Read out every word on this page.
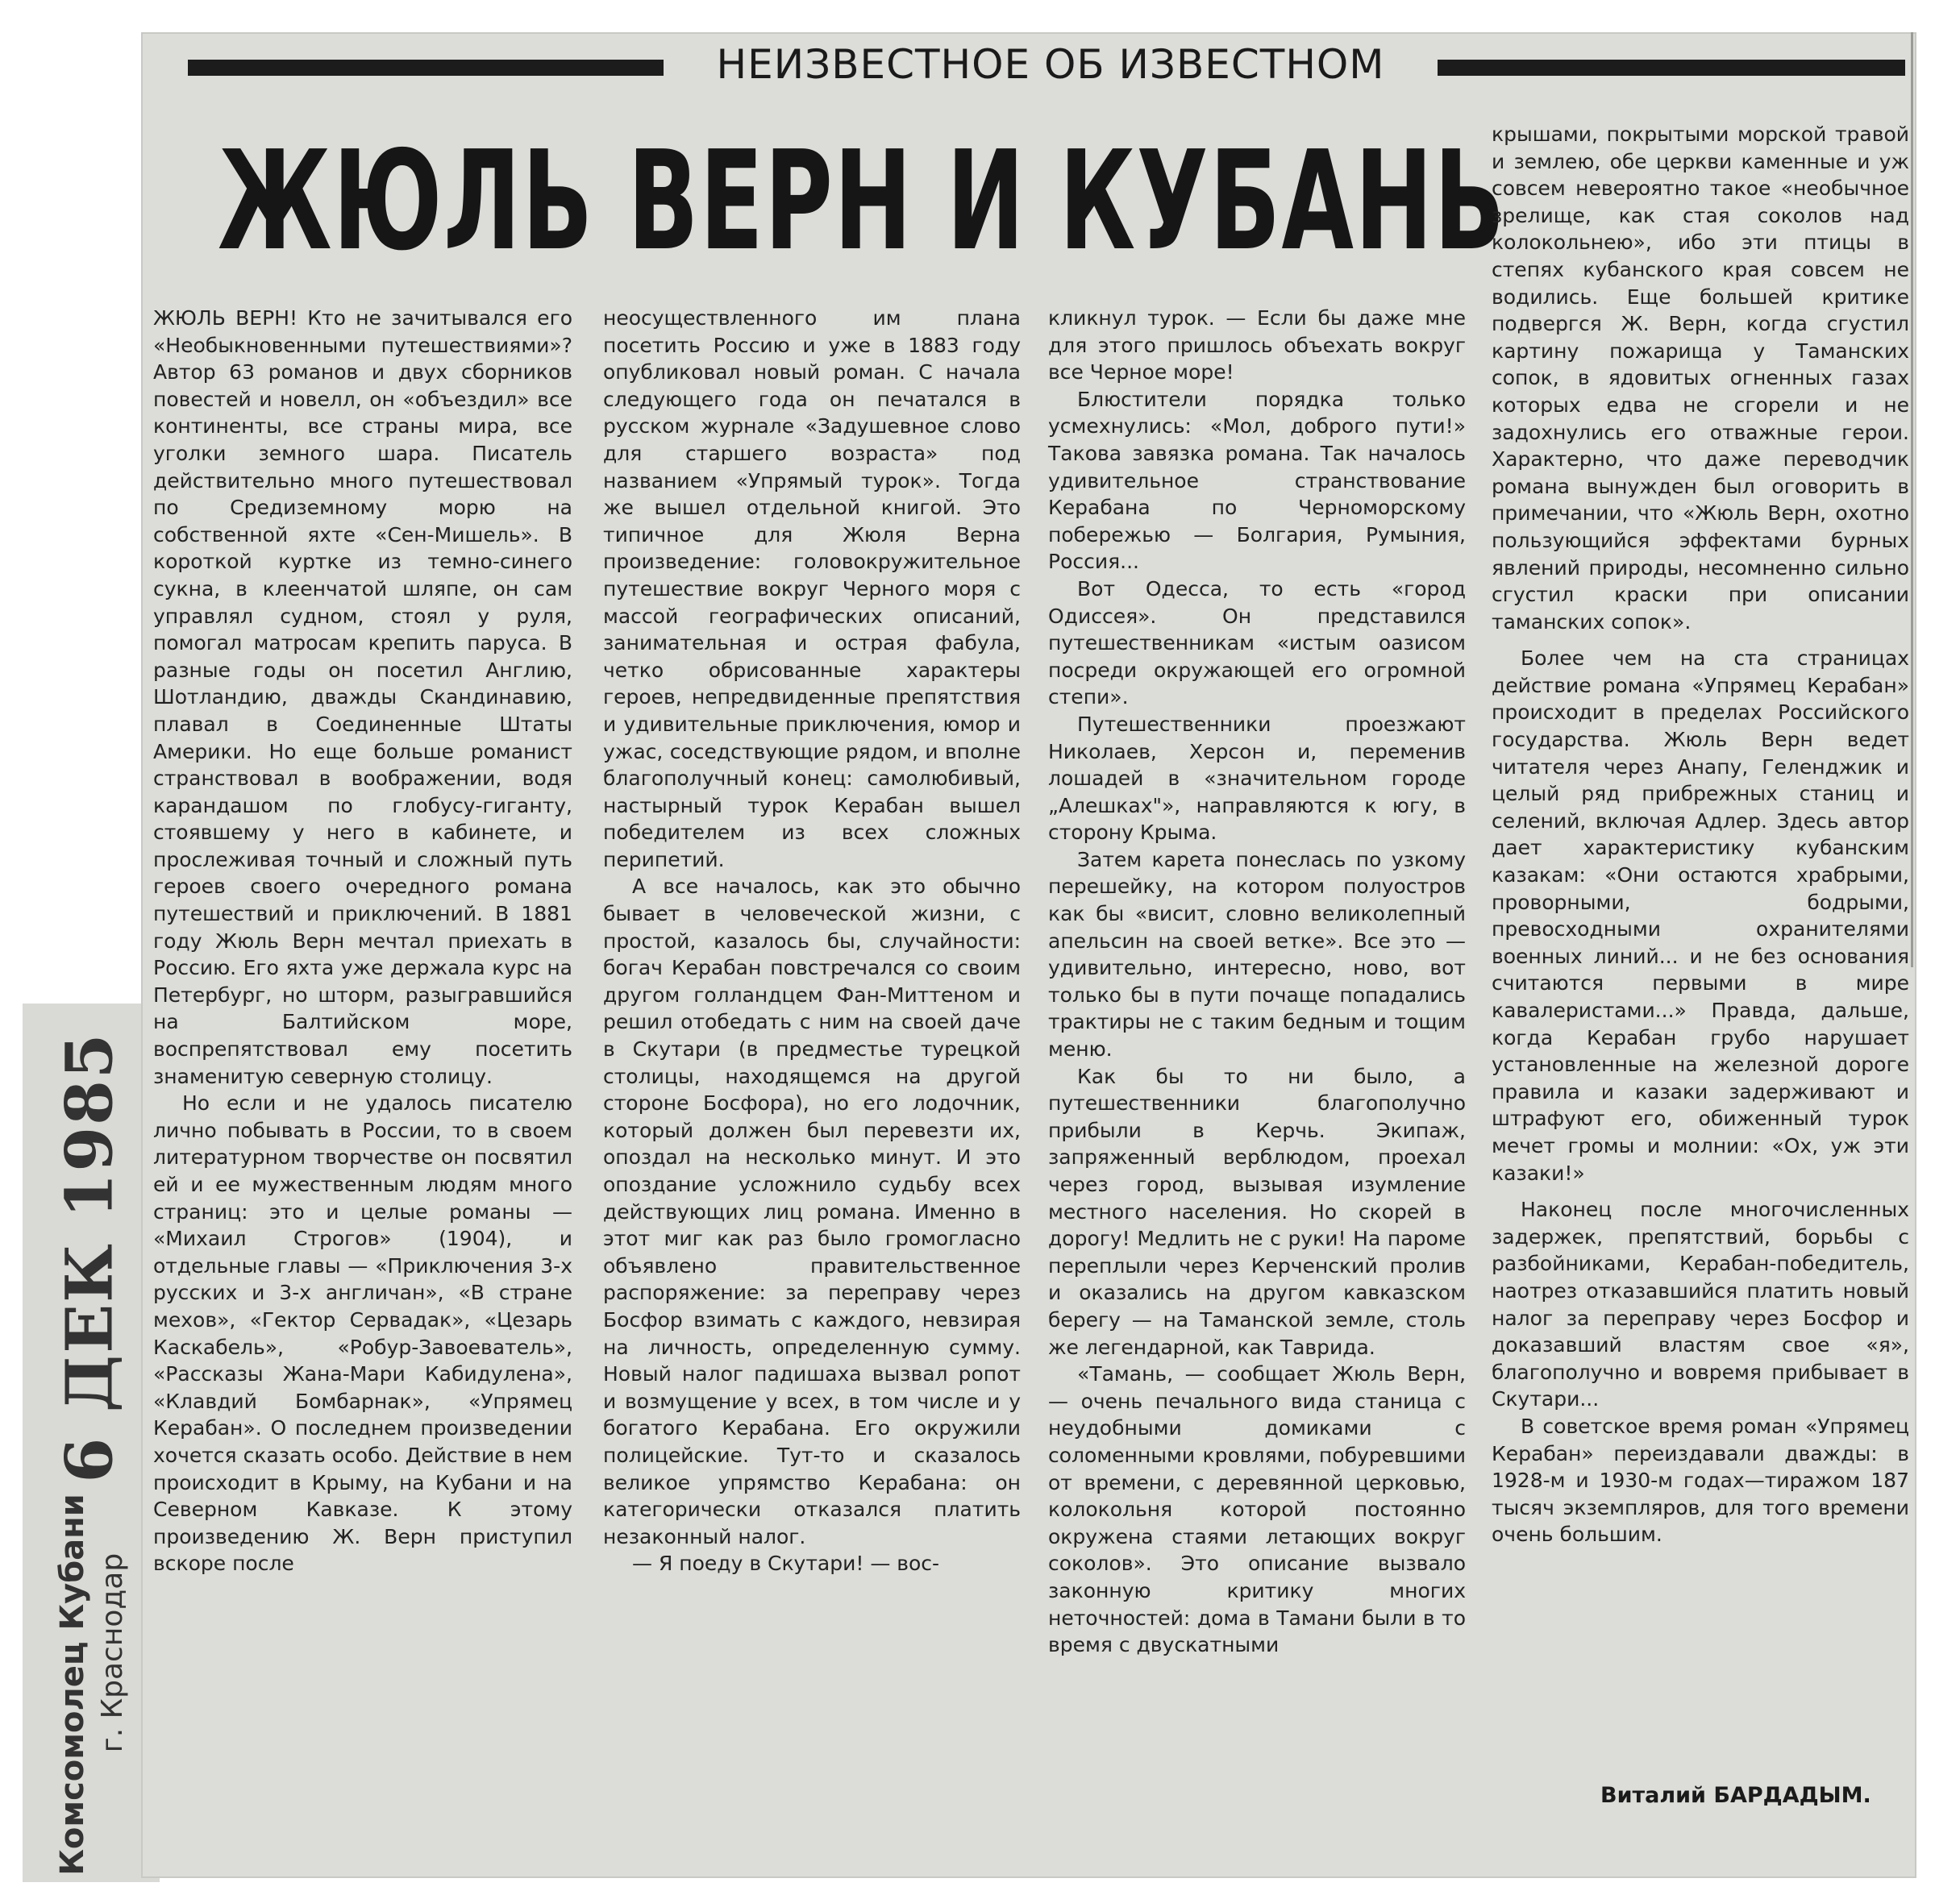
6 ДЕК 1985
Комсомолец Кубани г. Краснодар
НЕИЗВЕСТНОЕ ОБ ИЗВЕСТНОМ
ЖЮЛЬ ВЕРН И КУБАНЬ

ЖЮЛЬ ВЕРН! Кто не зачитывался его «Необыкновенными путешествиями»? Автор 63 романов и двух сборников повестей и новелл, он «объездил» все континенты, все страны мира, все уголки земного шара. Писатель действительно много путешествовал по Средиземному морю на собственной яхте «Сен-Мишель». В короткой куртке из темно-синего сукна, в клеенчатой шляпе, он сам управлял судном, стоял у руля, помогал матросам крепить паруса. В разные годы он посетил Англию, Шотландию, дважды Скандинавию, плавал в Соединенные Штаты Америки. Но еще больше романист странствовал в воображении, водя карандашом по глобусу-гиганту, стоявшему у него в кабинете, и прослеживая точный и сложный путь героев своего очередного романа путешествий и приключений. В 1881 году Жюль Верн мечтал приехать в Россию. Его яхта уже держала курс на Петербург, но шторм, разыгравшийся на Балтийском море, воспрепятствовал ему посетить знаменитую северную столицу.

Но если и не удалось писателю лично побывать в России, то в своем литературном творчестве он посвятил ей и ее мужественным людям много страниц: это и целые романы — «Михаил Строгов» (1904), и отдельные главы — «Приключения 3-х русских и 3-х англичан», «В стране мехов», «Гектор Сервадак», «Цезарь Каскабель», «Робур-Завоеватель», «Рассказы Жана-Мари Кабидулена», «Клавдий Бомбарнак», «Упрямец Керабан». О последнем произведении хочется сказать особо. Действие в нем происходит в Крыму, на Кубани и на Северном Кавказе. К этому произведению Ж. Верн приступил вскоре после

неосуществленного им плана посетить Россию и уже в 1883 году опубликовал новый роман. С начала следующего года он печатался в русском журнале «Задушевное слово для старшего возраста» под названием «Упрямый турок». Тогда же вышел отдельной книгой. Это типичное для Жюля Верна произведение: головокружительное путешествие вокруг Черного моря с массой географических описаний, занимательная и острая фабула, четко обрисованные характеры героев, непредвиденные препятствия и удивительные приключения, юмор и ужас, соседствующие рядом, и вполне благополучный конец: самолюбивый, настырный турок Керабан вышел победителем из всех сложных перипетий.

А все началось, как это обычно бывает в человеческой жизни, с простой, казалось бы, случайности: богач Керабан повстречался со своим другом голландцем Фан-Миттеном и решил отобедать с ним на своей даче в Скутари (в предместье турецкой столицы, находящемся на другой стороне Босфора), но его лодочник, который должен был перевезти их, опоздал на несколько минут. И это опоздание усложнило судьбу всех действующих лиц романа. Именно в этот миг как раз было громогласно объявлено правительственное распоряжение: за переправу через Босфор взимать с каждого, невзирая на личность, определенную сумму. Новый налог падишаха вызвал ропот и возмущение у всех, в том числе и у богатого Керабана. Его окружили полицейские. Тут-то и сказалось великое упрямство Керабана: он категорически отказался платить незаконный налог.

— Я поеду в Скутари! — вос-

кликнул турок. — Если бы даже мне для этого пришлось объехать вокруг все Черное море!

Блюстители порядка только усмехнулись: «Мол, доброго пути!» Такова завязка романа. Так началось удивительное странствование Керабана по Черноморскому побережью — Болгария, Румыния, Россия...

Вот Одесса, то есть «город Одиссея». Он представился путешественникам «истым оазисом посреди окружающей его огромной степи».

Путешественники проезжают Николаев, Херсон и, переменив лошадей в «значительном городе „Алешках"», направляются к югу, в сторону Крыма.

Затем карета понеслась по узкому перешейку, на котором полуостров как бы «висит, словно великолепный апельсин на своей ветке». Все это — удивительно, интересно, ново, вот только бы в пути почаще попадались трактиры не с таким бедным и тощим меню.

Как бы то ни было, а путешественники благополучно прибыли в Керчь. Экипаж, запряженный верблюдом, проехал через город, вызывая изумление местного населения. Но скорей в дорогу! Медлить не с руки! На пароме переплыли через Керченский пролив и оказались на другом кавказском берегу — на Таманской земле, столь же легендарной, как Таврида.

«Тамань, — сообщает Жюль Верн, — очень печального вида станица с неудобными домиками с соломенными кровлями, побуревшими от времени, с деревянной церковью, колокольня которой постоянно окружена стаями летающих вокруг соколов». Это описание вызвало законную критику многих неточностей: дома в Тамани были в то время с двускатными

крышами, покрытыми морской травой и землею, обе церкви каменные и уж совсем невероятно такое «необычное зрелище, как стая соколов над колокольнею», ибо эти птицы в степях кубанского края совсем не водились. Еще большей критике подвергся Ж. Верн, когда сгустил картину пожарища у Таманских сопок, в ядовитых огненных газах которых едва не сгорели и не задохнулись его отважные герои. Характерно, что даже переводчик романа вынужден был оговорить в примечании, что «Жюль Верн, охотно пользующийся эффектами бурных явлений природы, несомненно сильно сгустил краски при описании таманских сопок».

Более чем на ста страницах действие романа «Упрямец Керабан» происходит в пределах Российского государства. Жюль Верн ведет читателя через Анапу, Геленджик и целый ряд прибрежных станиц и селений, включая Адлер. Здесь автор дает характеристику кубанским казакам: «Они остаются храбрыми, проворными, бодрыми, превосходными охранителями военных линий... и не без основания считаются первыми в мире кавалеристами...» Правда, дальше, когда Керабан грубо нарушает установленные на железной дороге правила и казаки задерживают и штрафуют его, обиженный турок мечет громы и молнии: «Ох, уж эти казаки!»

Наконец после многочисленных задержек, препятствий, борьбы с разбойниками, Керабан-победитель, наотрез отказавшийся платить новый налог за переправу через Босфор и доказавший властям свое «я», благополучно и вовремя прибывает в Скутари...

В советское время роман «Упрямец Керабан» переиздавали дважды: в 1928-м и 1930-м годах—тиражом 187 тысяч экземпляров, для того времени очень большим.

Виталий БАРДАДЫМ.
